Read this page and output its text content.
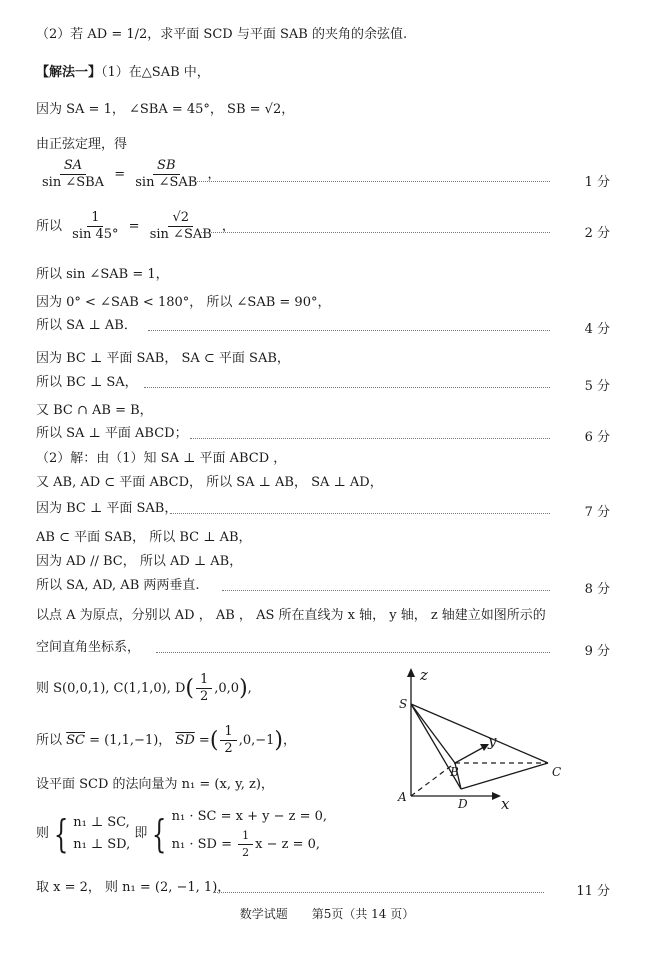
（2）若 AD = 1/2，求平面 SCD 与平面 SAB 的夹角的余弦值.
【解法一】（1）在△SAB 中，
因为 SA = 1， ∠SBA = 45°， SB = √2，
由正弦定理，得
$\frac{SA}{\text{sin ∠SBA}} = \frac{SB}{\text{sin ∠SAB}}$ ，
1 分
所以 $\frac{1}{\sin 45^\circ} = \frac{√2}{\text{sin ∠SAB}}$ ，	2 分
所以 sin ∠SAB = 1，
因为 0° < ∠SAB < 180°， 所以 ∠SAB = 90°，
所以 SA ⊥ AB．	4 分
因为 BC ⊥ 平面 SAB， SA ⊂ 平面 SAB，
所以 BC ⊥ SA，	5 分
又 BC ∩ AB = B，
所以 SA ⊥ 平面 ABCD；	6 分
（2）解：由（1）知 SA ⊥ 平面 ABCD ，
又 AB, AD ⊂ 平面 ABCD， 所以 SA ⊥ AB， SA ⊥ AD，
因为 BC ⊥ 平面 SAB，	7 分
AB ⊂ 平面 SAB， 所以 BC ⊥ AB，
因为 AD // BC， 所以 AD ⊥ AB，
所以 SA, AD, AB 两两垂直.	8 分
以点 A 为原点，分别以 AD ， AB ， AS 所在直线为 x 轴， y 轴， z 轴建立如图所示的
空间直角坐标系，	9 分
则 S(0,0,1), C(1,1,0), $D( \frac{1}{2} ,0,0)$,
所以 $\overline{SC} = (1,1,-1)$， $\overline{SD}$ =( $\frac{1}{2} ,0,-1$)，
设平面 SCD 的法向量为 n₁ = (x, y, z)，
则 { n₁ ⊥ SC,
n₁ ⊥ SD,
即 { n₁ · SC = x + y − z = 0,
n₁ · SD = $\frac{1}{2}$ x − z = 0,
取 x = 2， 则 n₁ = (2, −1, 1)，	11 分
z
y
x
S
A
B	C
D
数学试题　　第5页（共 14 页）
